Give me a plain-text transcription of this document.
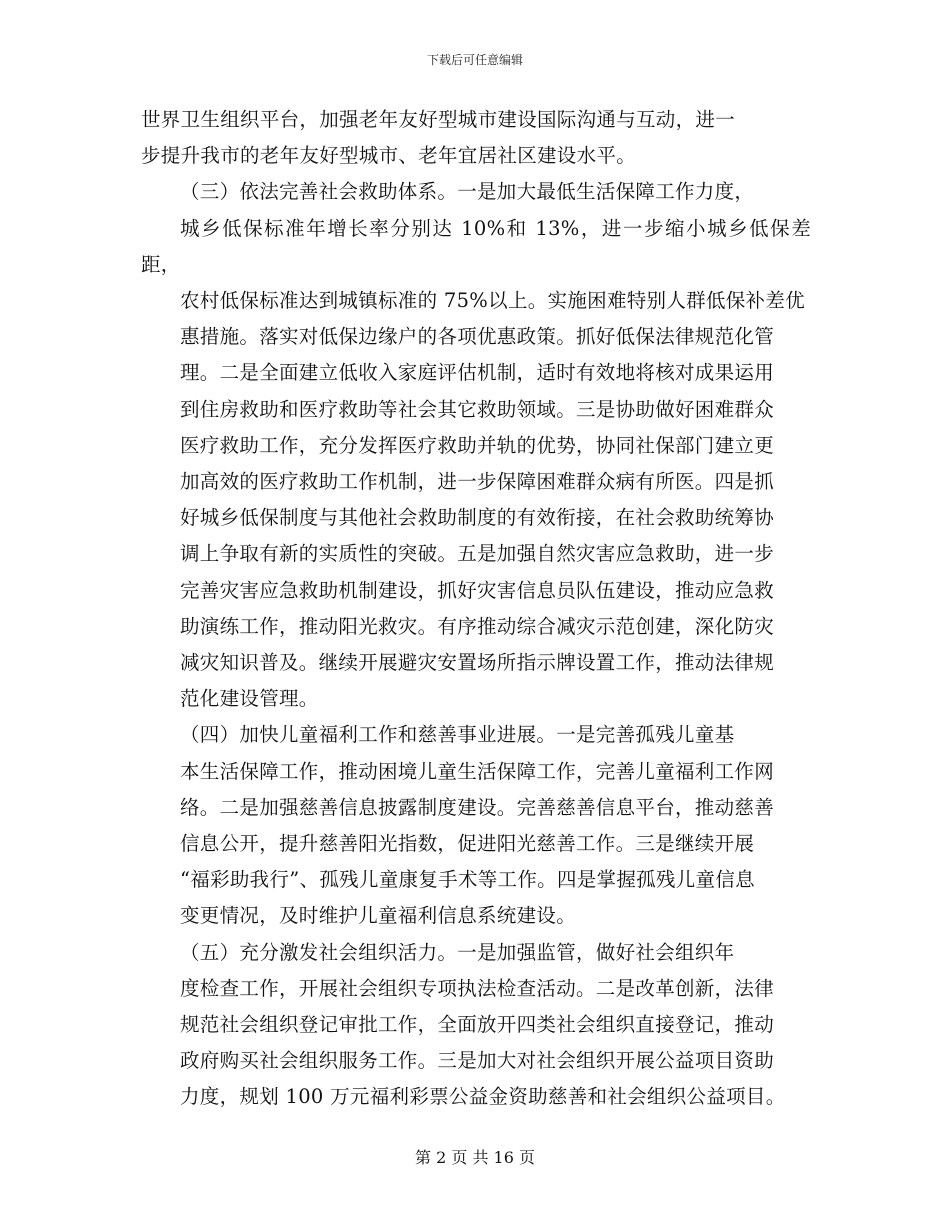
下载后可任意编辑

世界卫生组织平台，加强老年友好型城市建设国际沟通与互动，进一
步提升我市的老年友好型城市、老年宜居社区建设水平。

（三）依法完善社会救助体系。一是加大最低生活保障工作力度，
城乡低保标准年增长率分别达 10%和 13%，进一步缩小城乡低保差距，
农村低保标准达到城镇标准的 75%以上。实施困难特别人群低保补差优
惠措施。落实对低保边缘户的各项优惠政策。抓好低保法律规范化管
理。二是全面建立低收入家庭评估机制，适时有效地将核对成果运用
到住房救助和医疗救助等社会其它救助领域。三是协助做好困难群众
医疗救助工作，充分发挥医疗救助并轨的优势，协同社保部门建立更
加高效的医疗救助工作机制，进一步保障困难群众病有所医。四是抓
好城乡低保制度与其他社会救助制度的有效衔接，在社会救助统筹协
调上争取有新的实质性的突破。五是加强自然灾害应急救助，进一步
完善灾害应急救助机制建设，抓好灾害信息员队伍建设，推动应急救
助演练工作，推动阳光救灾。有序推动综合减灾示范创建，深化防灾
减灾知识普及。继续开展避灾安置场所指示牌设置工作，推动法律规
范化建设管理。

（四）加快儿童福利工作和慈善事业进展。一是完善孤残儿童基
本生活保障工作，推动困境儿童生活保障工作，完善儿童福利工作网
络。二是加强慈善信息披露制度建设。完善慈善信息平台，推动慈善
信息公开，提升慈善阳光指数，促进阳光慈善工作。三是继续开展
“福彩助我行”、孤残儿童康复手术等工作。四是掌握孤残儿童信息
变更情况，及时维护儿童福利信息系统建设。

（五）充分激发社会组织活力。一是加强监管，做好社会组织年
度检查工作，开展社会组织专项执法检查活动。二是改革创新，法律
规范社会组织登记审批工作，全面放开四类社会组织直接登记，推动
政府购买社会组织服务工作。三是加大对社会组织开展公益项目资助
力度，规划 100 万元福利彩票公益金资助慈善和社会组织公益项目。

第 2 页 共 16 页
